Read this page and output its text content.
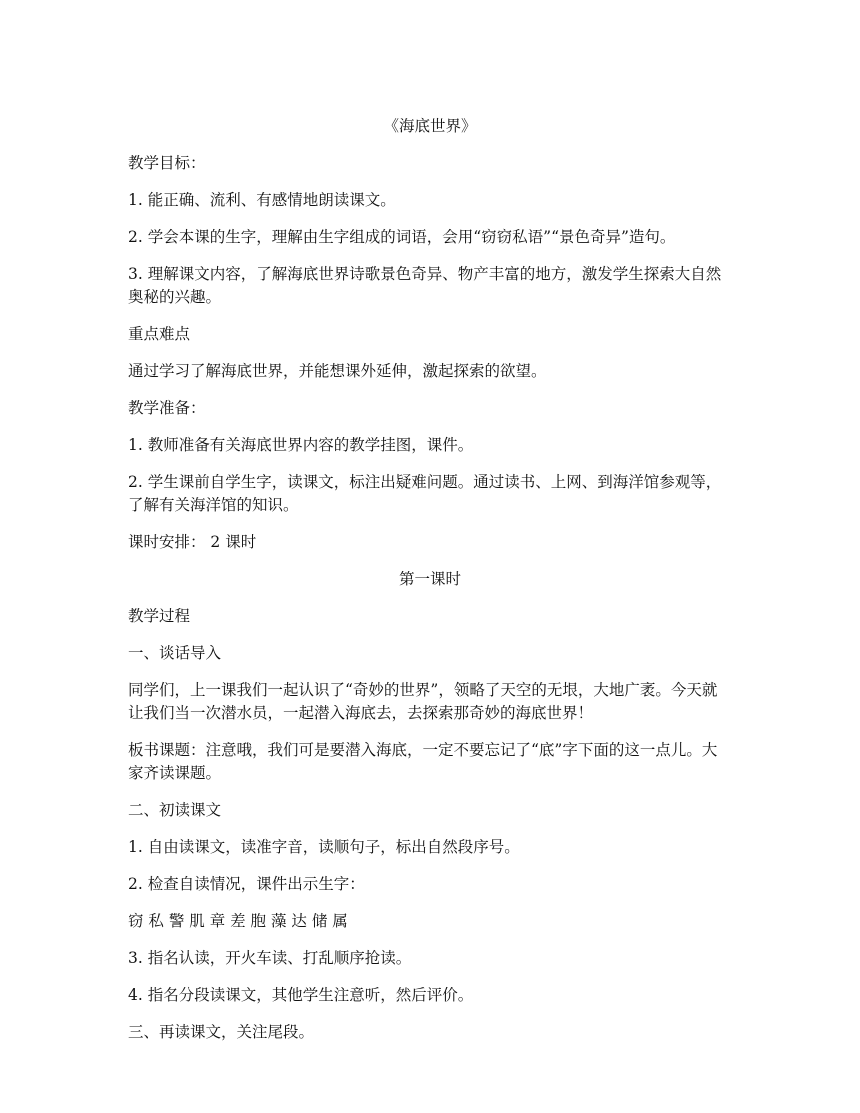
《海底世界》

教学目标：

1. 能正确、流利、有感情地朗读课文。

2. 学会本课的生字，理解由生字组成的词语，会用“窃窃私语”“景色奇异”造句。

3. 理解课文内容，了解海底世界诗歌景色奇异、物产丰富的地方，激发学生探索大自然奥秘的兴趣。

重点难点

通过学习了解海底世界，并能想课外延伸，激起探索的欲望。

教学准备：

1. 教师准备有关海底世界内容的教学挂图，课件。

2. 学生课前自学生字，读课文，标注出疑难问题。通过读书、上网、到海洋馆参观等，了解有关海洋馆的知识。

课时安排： 2 课时

第一课时

教学过程

一、谈话导入

同学们，上一课我们一起认识了“奇妙的世界”，领略了天空的无垠，大地广袤。今天就让我们当一次潜水员，一起潜入海底去，去探索那奇妙的海底世界！

板书课题：注意哦，我们可是要潜入海底，一定不要忘记了“底”字下面的这一点儿。大家齐读课题。

二、初读课文

1. 自由读课文，读准字音，读顺句子，标出自然段序号。

2. 检查自读情况，课件出示生字：

窃 私 警 肌 章 差 胞 藻 达 储 属

3. 指名认读，开火车读、打乱顺序抢读。

4. 指名分段读课文，其他学生注意听，然后评价。

三、再读课文，关注尾段。
